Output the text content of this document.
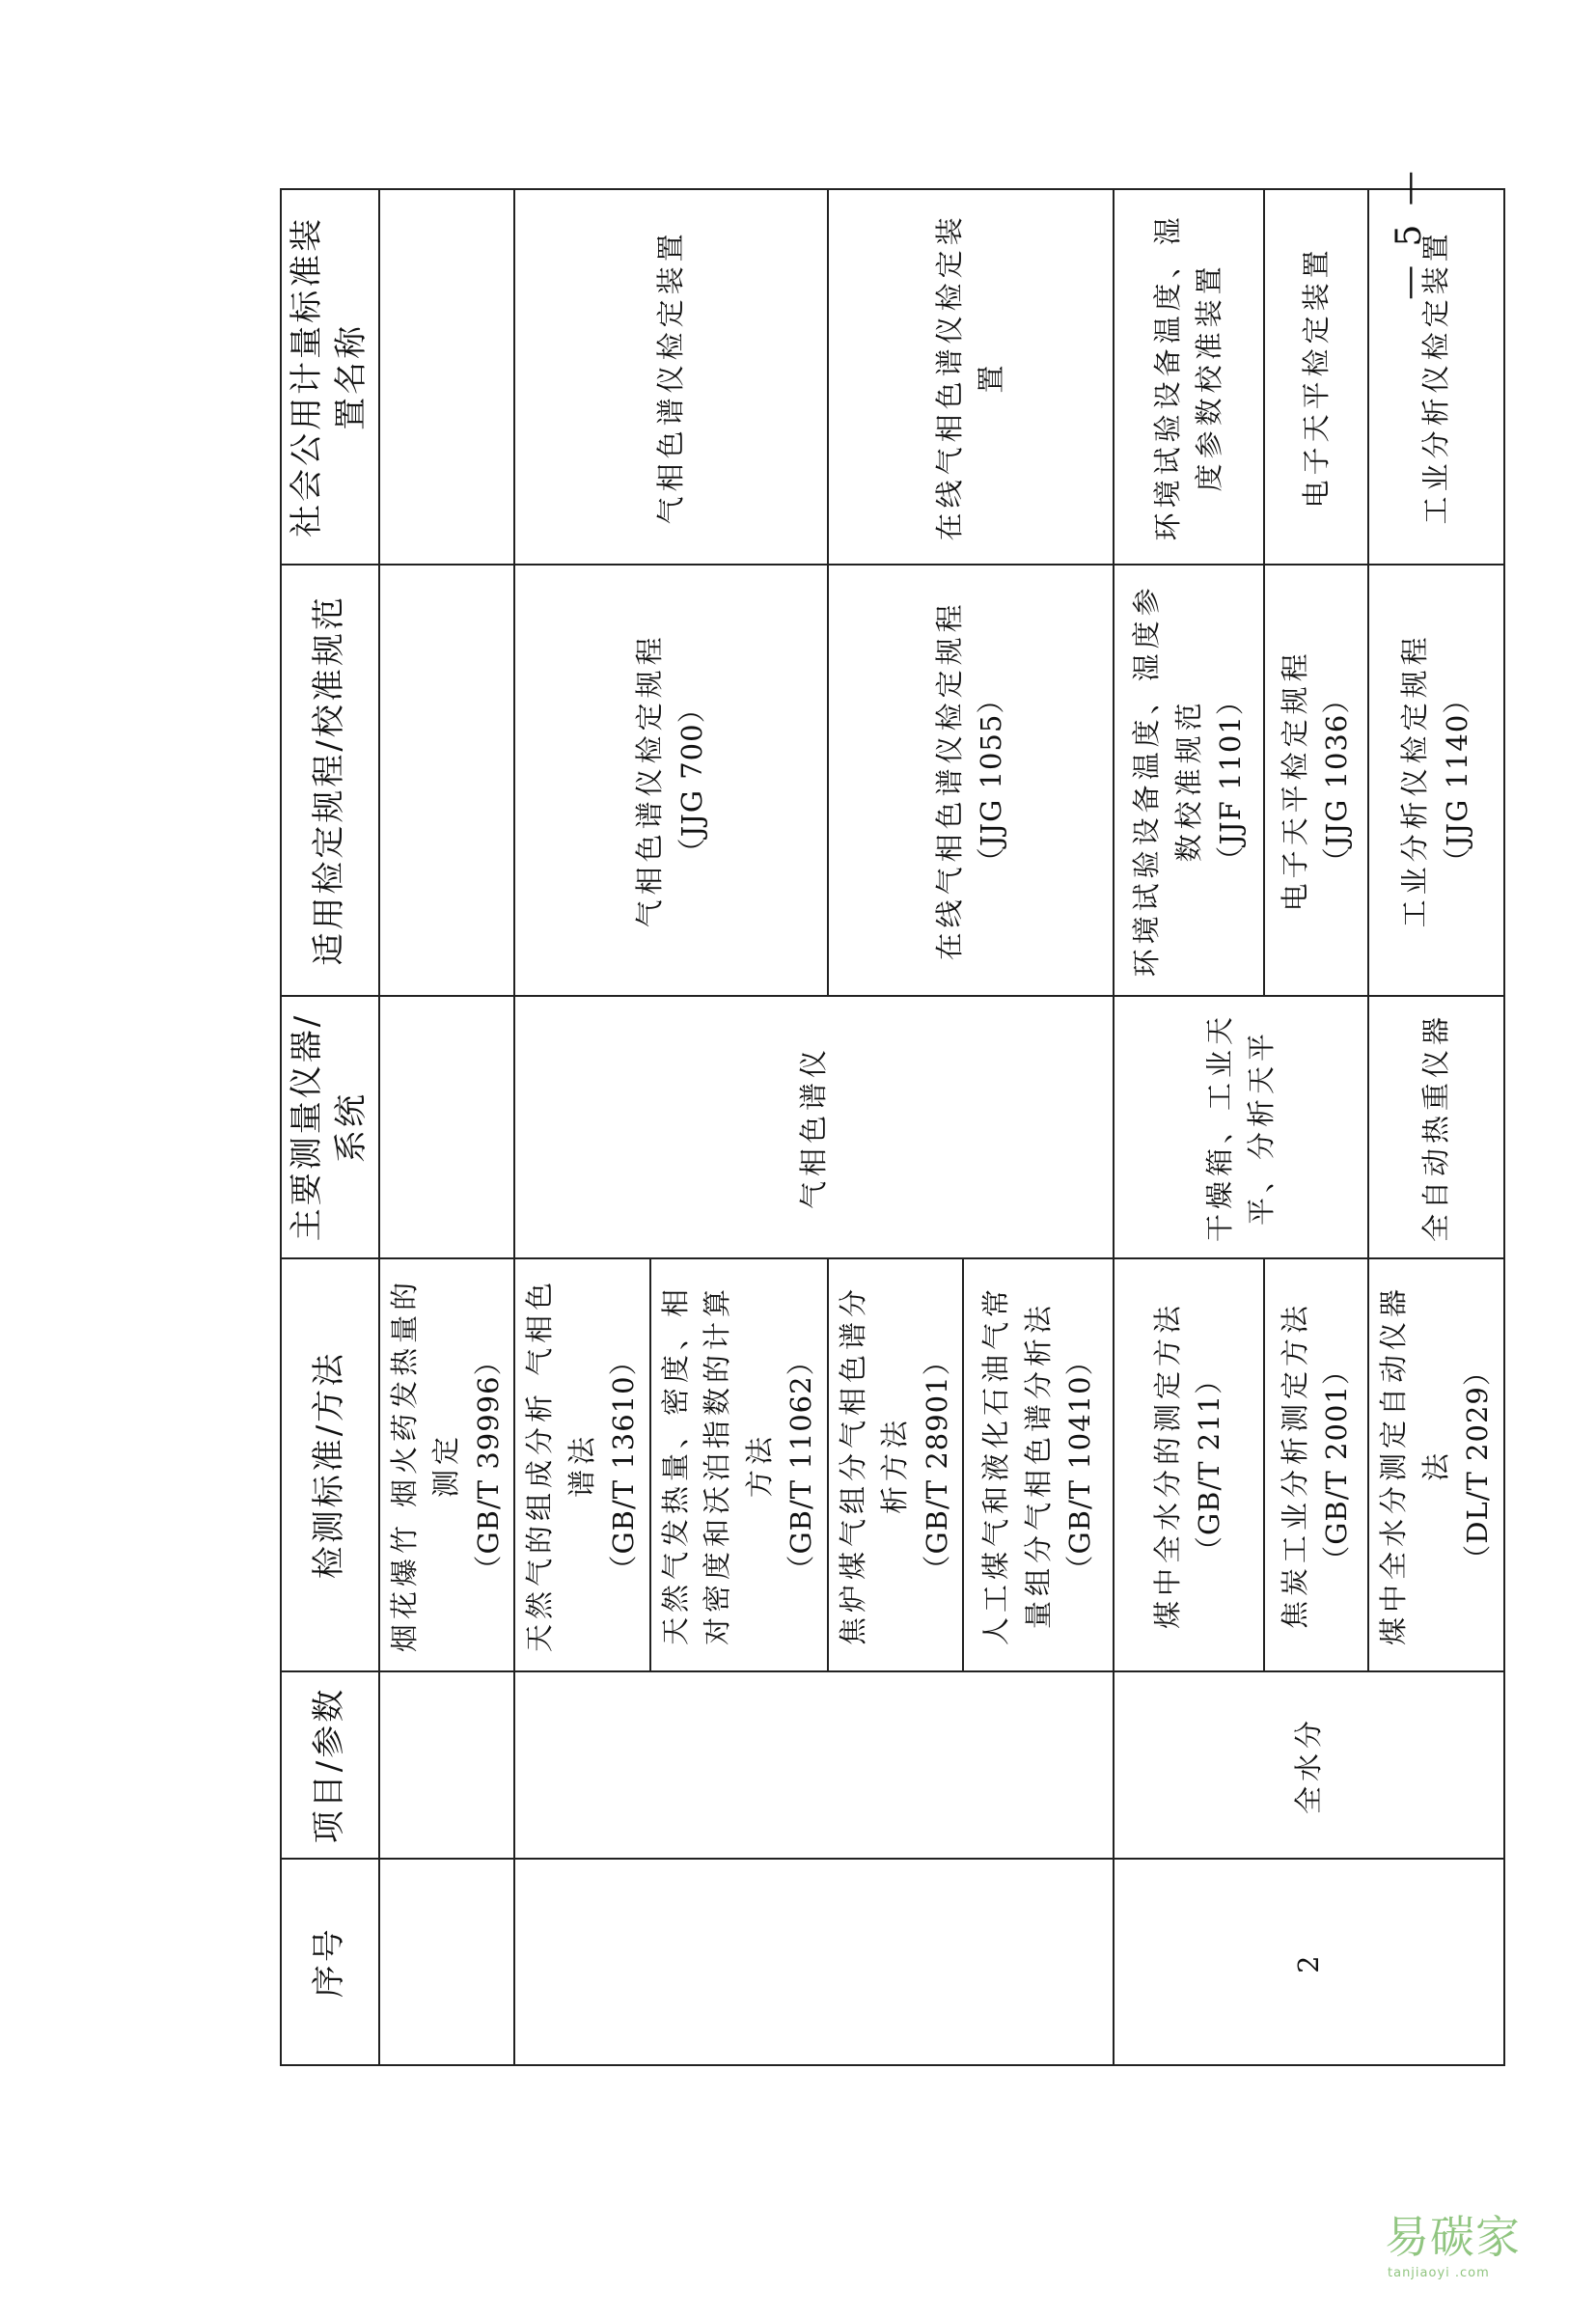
序号	项目/参数	检测标准/方法	主要测量仪器/系统	适用检定规程/校准规范	社会公用计量标准装置名称
		烟花爆竹 烟火药发热量的测定 （GB/T 39996）			

		天然气的组成分析 气相色谱法 （GB/T 13610）	气相色谱仪	气相色谱仪检定规程 （JJG 700）	气相色谱仪检定装置
		天然气发热量、密度、相对密度和沃泊指数的计算方法 （GB/T 11062）			

		焦炉煤气组分气相色谱分析方法 （GB/T 28901）		在线气相色谱仪检定规程 （JJG 1055）	在线气相色谱仪检定装置
		人工煤气和液化石油气常量组分气相色谱分析法 （GB/T 10410）			

2	全水分	煤中全水分的测定方法 （GB/T 211）	干燥箱、工业天平、分析天平	环境试验设备温度、湿度参数校准规范 （JJF 1101）	环境试验设备温度、湿度参数校准装置
		焦炭工业分析测定方法 （GB/T 2001）		电子天平检定规程 （JJG 1036）	电子天平检定装置
		煤中全水分测定自动仪器法 （DL/T 2029）	全自动热重仪器	工业分析仪检定规程 （JJG 1140）	工业分析仪检定装置
— 5 —
易碳家tanjiaoyi .com
